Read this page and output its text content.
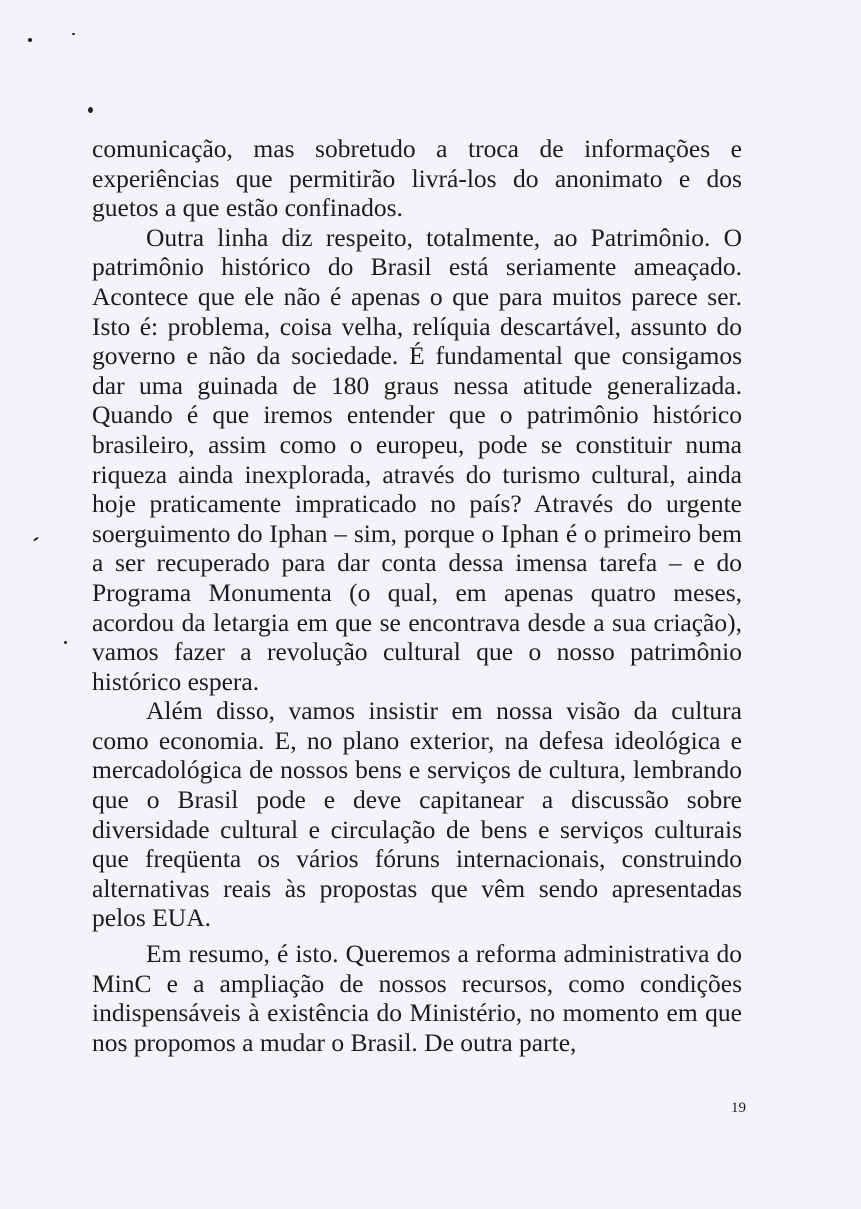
comunicação, mas sobretudo a troca de informações e experiências que permitirão livrá-los do anonimato e dos guetos a que estão confinados.

Outra linha diz respeito, totalmente, ao Patrimônio. O patrimônio histórico do Brasil está seriamente ameaçado. Acontece que ele não é apenas o que para muitos parece ser. Isto é: problema, coisa velha, relíquia descartável, assunto do governo e não da sociedade. É fundamental que consigamos dar uma guinada de 180 graus nessa atitude generalizada. Quando é que iremos entender que o patrimônio histórico brasileiro, assim como o europeu, pode se constituir numa riqueza ainda inexplorada, através do turismo cultural, ainda hoje praticamente impraticado no país? Através do urgente soerguimento do Iphan – sim, porque o Iphan é o primeiro bem a ser recuperado para dar conta dessa imensa tarefa – e do Programa Monumenta (o qual, em apenas quatro meses, acordou da letargia em que se encontrava desde a sua criação), vamos fazer a revolução cultural que o nosso patrimônio histórico espera.

Além disso, vamos insistir em nossa visão da cultura como economia. E, no plano exterior, na defesa ideológica e mercadológica de nossos bens e serviços de cultura, lembrando que o Brasil pode e deve capitanear a discussão sobre diversidade cultural e circulação de bens e serviços culturais que freqüenta os vários fóruns internacionais, construindo alternativas reais às propostas que vêm sendo apresentadas pelos EUA.

Em resumo, é isto. Queremos a reforma administrativa do MinC e a ampliação de nossos recursos, como condições indispensáveis à existência do Ministério, no momento em que nos propomos a mudar o Brasil. De outra parte,

19
